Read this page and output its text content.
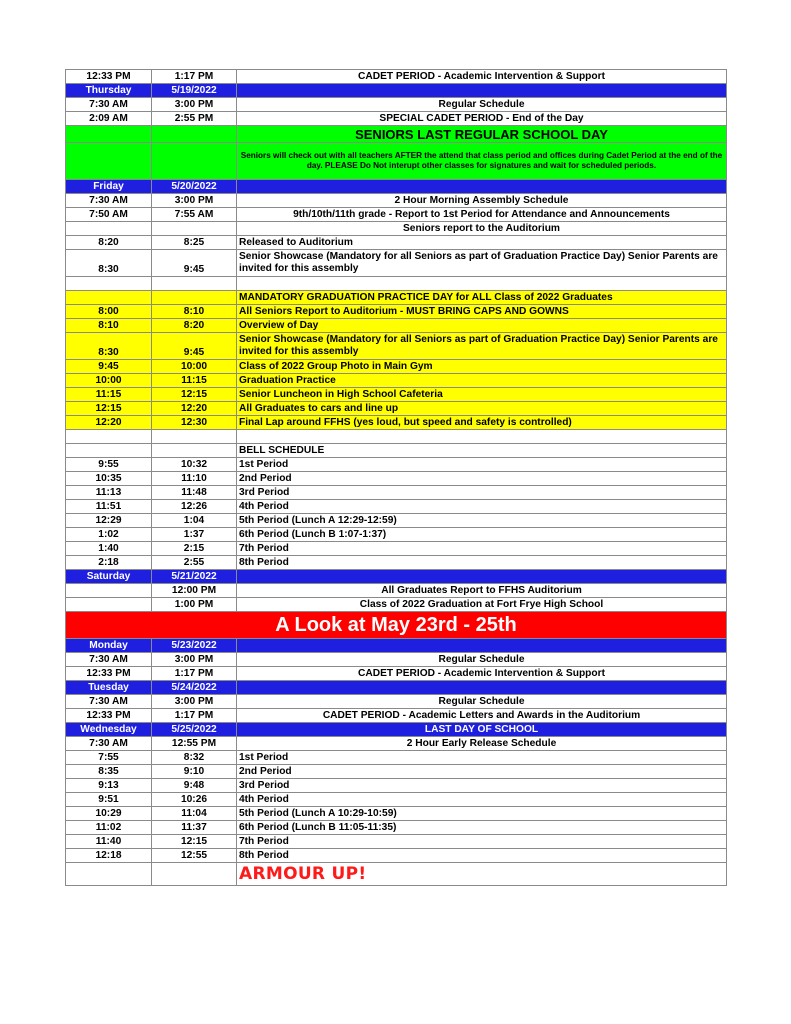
12:33 PM	1:17 PM	CADET PERIOD - Academic Intervention & Support
Thursday	5/19/2022	
7:30 AM	3:00 PM	Regular Schedule
2:09 AM	2:55 PM	SPECIAL CADET PERIOD - End of the Day
		SENIORS LAST REGULAR SCHOOL DAY
		Seniors will check out with all teachers AFTER the attend that class period and offices during Cadet Period at the end of the day. PLEASE Do Not interupt other classes for signatures and wait for scheduled periods.
Friday	5/20/2022	
7:30 AM	3:00 PM	2 Hour Morning Assembly Schedule
7:50 AM	7:55 AM	9th/10th/11th grade - Report to 1st Period for Attendance and Announcements
		Seniors report to the Auditorium
8:20	8:25	Released to Auditorium
8:30	9:45	Senior Showcase (Mandatory for all Seniors as part of Graduation Practice Day) Senior Parents are invited for this assembly

		MANDATORY GRADUATION PRACTICE DAY for ALL Class of 2022 Graduates
8:00	8:10	All Seniors Report to Auditorium - MUST BRING CAPS AND GOWNS
8:10	8:20	Overview of Day
8:30	9:45	Senior Showcase (Mandatory for all Seniors as part of Graduation Practice Day) Senior Parents are invited for this assembly
9:45	10:00	Class of 2022 Group Photo in Main Gym
10:00	11:15	Graduation Practice
11:15	12:15	Senior Luncheon in High School Cafeteria
12:15	12:20	All Graduates to cars and line up
12:20	12:30	Final Lap around FFHS (yes loud, but speed and safety is controlled)

		BELL SCHEDULE
9:55	10:32	1st Period
10:35	11:10	2nd Period
11:13	11:48	3rd Period
11:51	12:26	4th Period
12:29	1:04	5th Period (Lunch A 12:29-12:59)
1:02	1:37	6th Period (Lunch B 1:07-1:37)
1:40	2:15	7th Period
2:18	2:55	8th Period
Saturday	5/21/2022	
	12:00 PM	All Graduates Report to FFHS Auditorium
	1:00 PM	Class of 2022 Graduation at Fort Frye High School
A Look at May 23rd - 25th		
Monday	5/23/2022	
7:30 AM	3:00 PM	Regular Schedule
12:33 PM	1:17 PM	CADET PERIOD - Academic Intervention & Support
Tuesday	5/24/2022	
7:30 AM	3:00 PM	Regular Schedule
12:33 PM	1:17 PM	CADET PERIOD - Academic Letters and Awards in the Auditorium
Wednesday	5/25/2022	LAST DAY OF SCHOOL
7:30 AM	12:55 PM	2 Hour Early Release Schedule
7:55	8:32	1st Period
8:35	9:10	2nd Period
9:13	9:48	3rd Period
9:51	10:26	4th Period
10:29	11:04	5th Period (Lunch A 10:29-10:59)
11:02	11:37	6th Period (Lunch B 11:05-11:35)
11:40	12:15	7th Period
12:18	12:55	8th Period
		ARMOUR UP!
